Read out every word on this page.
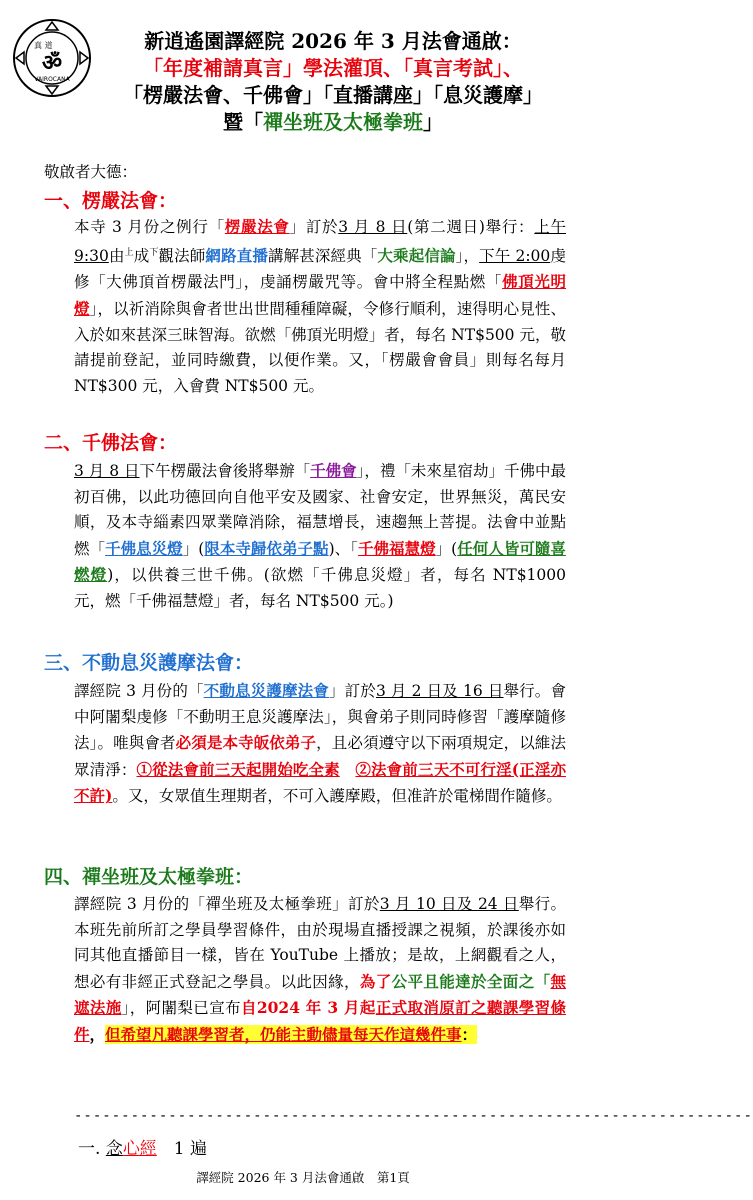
真 道
ॐ
VAIROCANA
新逍遙園譯經院 2026 年 3 月法會通啟：
「年度補請真言」學法灌頂、「真言考試」、
「楞嚴法會、千佛會」「直播講座」「息災護摩」
暨「禪坐班及太極拳班」
敬啟者大德：
一、楞嚴法會：
本寺 3 月份之例行「楞嚴法會」訂於3 月 8 日(第二週日)舉行：上午 9:30由$^上$成$^下$觀法師網路直播講解甚深經典「大乘起信論」，下午 2:00虔修「大佛頂首楞嚴法門」，虔誦楞嚴咒等。會中將全程點燃「佛頂光明燈」，以祈消除與會者世出世間種種障礙，令修行順利，速得明心見性、入於如來甚深三昧智海。欲燃「佛頂光明燈」者，每名 NT$500 元，敬請提前登記，並同時繳費，以便作業。又，「楞嚴會會員」則每名每月 NT$300 元，入會費 NT$500 元。
二、千佛法會：
3 月 8 日下午楞嚴法會後將舉辦「千佛會」，禮「未來星宿劫」千佛中最初百佛，以此功德回向自他平安及國家、社會安定，世界無災，萬民安順，及本寺緇素四眾業障消除，福慧增長，速趨無上菩提。法會中並點燃「千佛息災燈」(限本寺歸依弟子點)、「千佛福慧燈」(任何人皆可隨喜燃燈)，以供養三世千佛。(欲燃「千佛息災燈」者，每名 NT$1000 元，燃「千佛福慧燈」者，每名 NT$500 元。)
三、不動息災護摩法會：
譯經院 3 月份的「不動息災護摩法會」訂於3 月 2 日及 16 日舉行。會中阿闍梨虔修「不動明王息災護摩法」，與會弟子則同時修習「護摩隨修法」。唯與會者必須是本寺皈依弟子，且必須遵守以下兩項規定，以維法眾清淨：①從法會前三天起開始吃全素　 ②法會前三天不可行淫(正淫亦不許)。又，女眾值生理期者，不可入護摩殿，但准許於電梯間作隨修。
四、禪坐班及太極拳班：
譯經院 3 月份的「禪坐班及太極拳班」訂於3 月 10 日及 24 日舉行。本班先前所訂之學員學習條件，由於現場直播授課之視頻，於課後亦如同其他直播節目一樣，皆在 YouTube 上播放；是故，上網觀看之人，想必有非經正式登記之學員。以此因緣，為了公平且能達於全面之「無遮法施」，阿闍梨已宣布自2024 年 3 月起正式取消原訂之聽課學習條件，但希望凡聽課學習者，仍能主動儘量每天作這幾件事：
------------------------------------------------------------------------
一. 念心經　1 遍
譯經院 2026 年 3 月法會通啟　第1頁
